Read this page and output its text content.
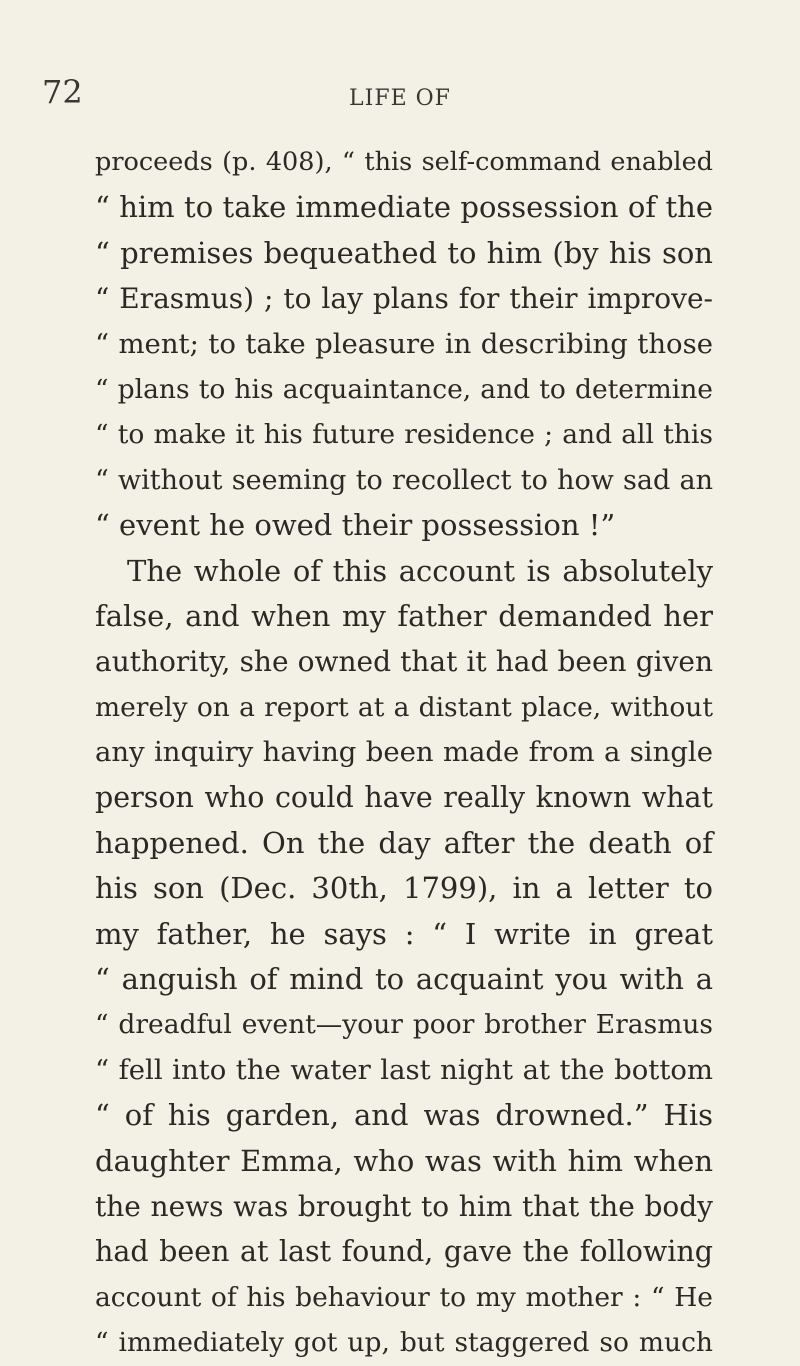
72	LIFE OF
proceeds (p. 408), “ this self-command enabled
“ him to take immediate possession of the
“ premises bequeathed to him (by his son
“ Erasmus) ; to lay plans for their improve-
“ ment; to take pleasure in describing those
“ plans to his acquaintance, and to determine
“ to make it his future residence ; and all this
“ without seeming to recollect to how sad an
“ event he owed their possession !”
The whole of this account is absolutely
false, and when my father demanded her
authority, she owned that it had been given
merely on a report at a distant place, without
any inquiry having been made from a single
person who could have really known what
happened. On the day after the death of
his son (Dec. 30th, 1799), in a letter to
my father, he says : “ I write in great
“ anguish of mind to acquaint you with a
“ dreadful event—your poor brother Erasmus
“ fell into the water last night at the bottom
“ of his garden, and was drowned.” His
daughter Emma, who was with him when
the news was brought to him that the body
had been at last found, gave the following
account of his behaviour to my mother : “ He
“ immediately got up, but staggered so much
